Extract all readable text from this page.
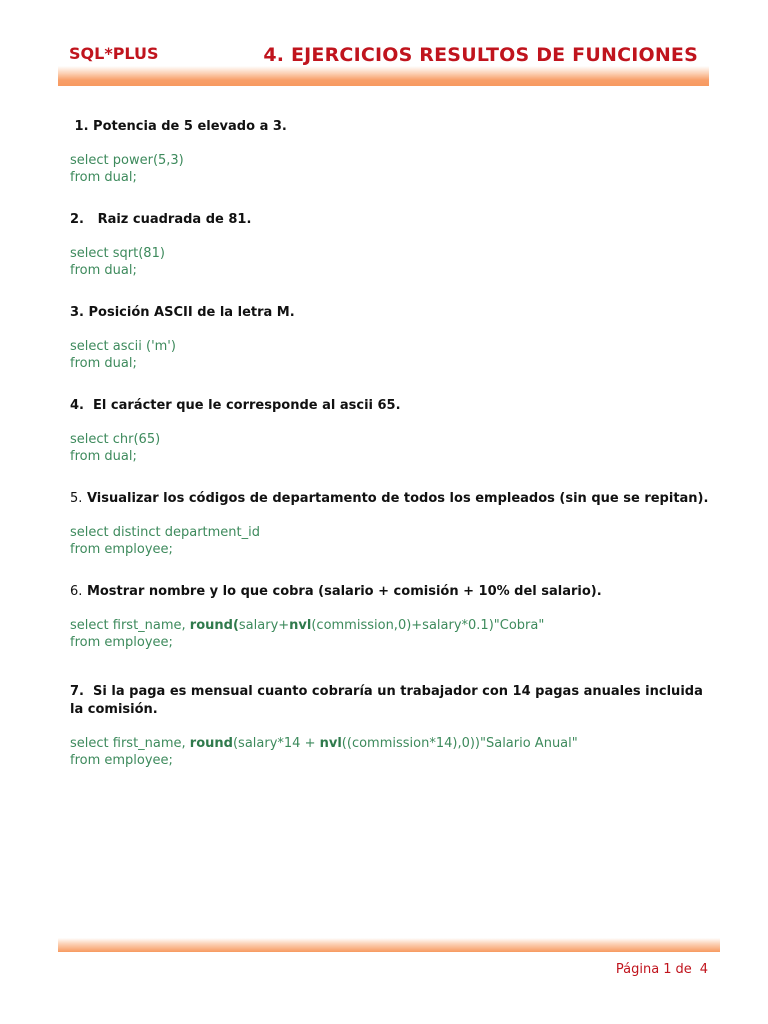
SQL*PLUS	4. EJERCICIOS RESULTOS DE FUNCIONES

1. Potencia de 5 elevado a 3.

select power(5,3)

from dual;

2. Raiz cuadrada de 81.

select sqrt(81)

from dual;

3. Posición ASCII de la letra M.

select ascii ('m')

from dual;

4. El carácter que le corresponde al ascii 65.

select chr(65)

from dual;

5. Visualizar los códigos de departamento de todos los empleados (sin que se repitan).

select distinct department_id

from employee;

6. Mostrar nombre y lo que cobra (salario + comisión + 10% del salario).

select first_name, round(salary+nvl(commission,0)+salary*0.1)"Cobra"

from employee;

7. Si la paga es mensual cuanto cobraría un trabajador con 14 pagas anuales incluida la comisión.

select first_name, round(salary*14 + nvl((commission*14),0))"Salario Anual"

from employee;

Página 1 de 4
